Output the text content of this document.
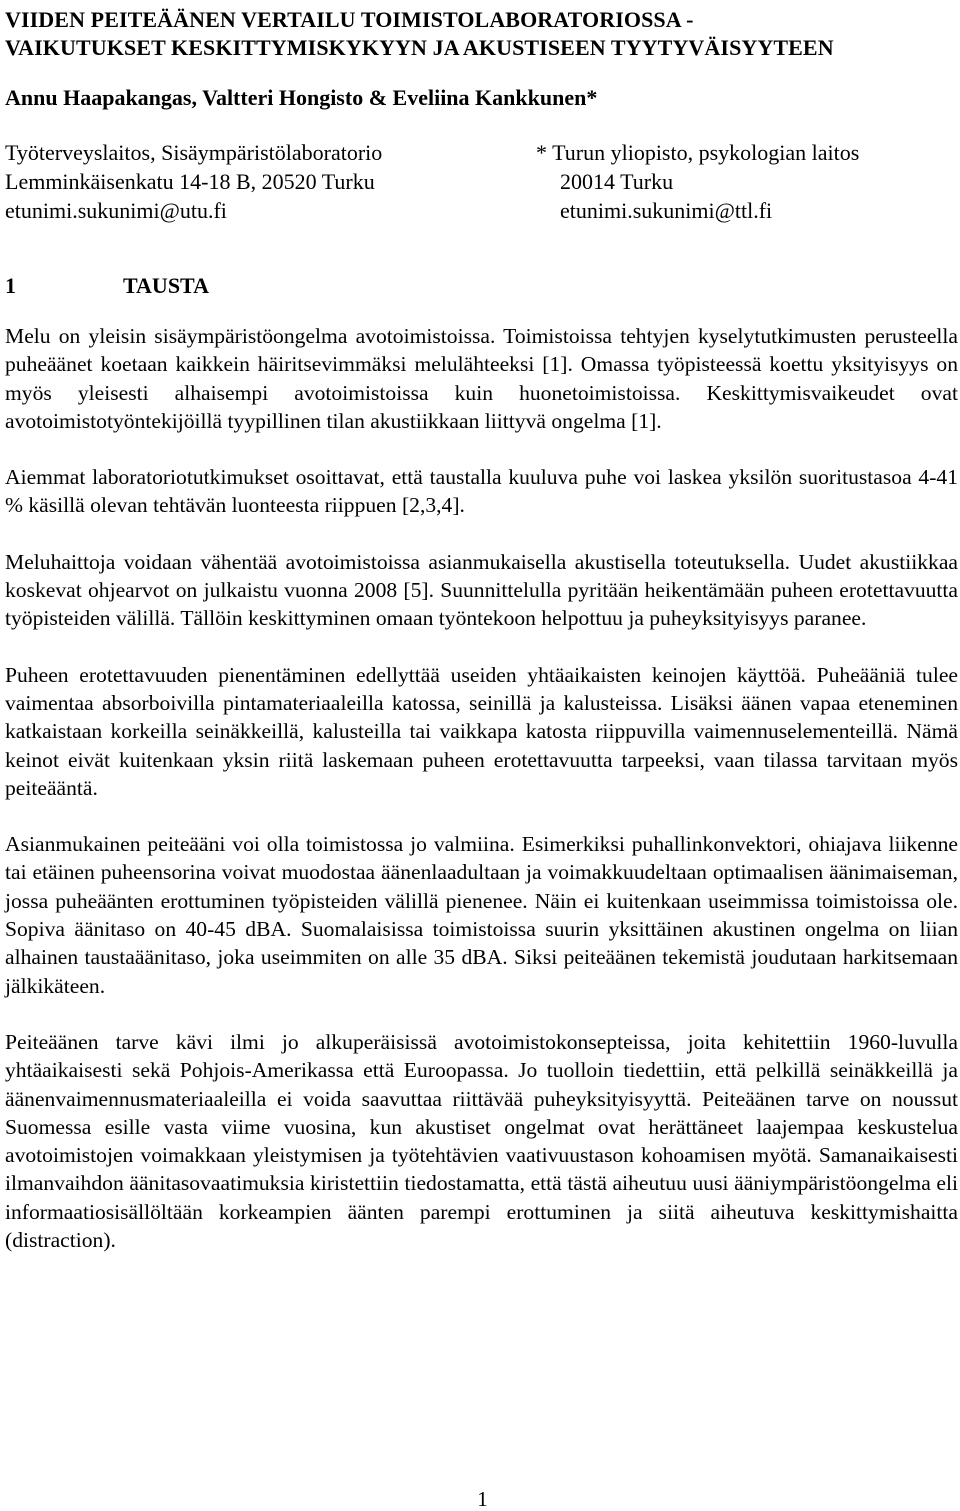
VIIDEN PEITEÄÄNEN VERTAILU TOIMISTOLABORATORIOSSA -
VAIKUTUKSET KESKITTYMISKYKYYN JA AKUSTISEEN TYYTYVÄISYYTEEN
Annu Haapakangas, Valtteri Hongisto & Eveliina Kankkunen*
Työterveyslaitos, Sisäympäristölaboratorio
Lemminkäisenkatu 14-18 B, 20520 Turku
etunimi.sukunimi@utu.fi
* Turun yliopisto, psykologian laitos
20014 Turku
etunimi.sukunimi@ttl.fi
1	TAUSTA

Melu on yleisin sisäympäristöongelma avotoimistoissa. Toimistoissa tehtyjen kyselytutkimusten perusteella puheäänet koetaan kaikkein häiritsevimmäksi melulähteeksi [1]. Omassa työpisteessä koettu yksityisyys on myös yleisesti alhaisempi avotoimistoissa kuin huonetoimistoissa. Keskittymisvaikeudet ovat avotoimistotyöntekijöillä tyypillinen tilan akustiikkaan liittyvä ongelma [1].

Aiemmat laboratoriotutkimukset osoittavat, että taustalla kuuluva puhe voi laskea yksilön suoritustasoa 4-41 % käsillä olevan tehtävän luonteesta riippuen [2,3,4].

Meluhaittoja voidaan vähentää avotoimistoissa asianmukaisella akustisella toteutuksella. Uudet akustiikkaa koskevat ohjearvot on julkaistu vuonna 2008 [5]. Suunnittelulla pyritään heikentämään puheen erotettavuutta työpisteiden välillä. Tällöin keskittyminen omaan työntekoon helpottuu ja puheyksityisyys paranee.

Puheen erotettavuuden pienentäminen edellyttää useiden yhtäaikaisten keinojen käyttöä. Puheääniä tulee vaimentaa absorboivilla pintamateriaaleilla katossa, seinillä ja kalusteissa. Lisäksi äänen vapaa eteneminen katkaistaan korkeilla seinäkkeillä, kalusteilla tai vaikkapa katosta riippuvilla vaimennuselementeillä. Nämä keinot eivät kuitenkaan yksin riitä laskemaan puheen erotettavuutta tarpeeksi, vaan tilassa tarvitaan myös peiteääntä.

Asianmukainen peiteääni voi olla toimistossa jo valmiina. Esimerkiksi puhallinkonvektori, ohiajava liikenne tai etäinen puheensorina voivat muodostaa äänenlaadultaan ja voimakkuudeltaan optimaalisen äänimaiseman, jossa puheäänten erottuminen työpisteiden välillä pienenee. Näin ei kuitenkaan useimmissa toimistoissa ole. Sopiva äänitaso on 40-45 dBA. Suomalaisissa toimistoissa suurin yksittäinen akustinen ongelma on liian alhainen taustaäänitaso, joka useimmiten on alle 35 dBA. Siksi peiteäänen tekemistä joudutaan harkitsemaan jälkikäteen.

Peiteäänen tarve kävi ilmi jo alkuperäisissä avotoimistokonsepteissa, joita kehitettiin 1960-luvulla yhtäaikaisesti sekä Pohjois-Amerikassa että Euroopassa. Jo tuolloin tiedettiin, että pelkillä seinäkkeillä ja äänenvaimennusmateriaaleilla ei voida saavuttaa riittävää puheyksityisyyttä. Peiteäänen tarve on noussut Suomessa esille vasta viime vuosina, kun akustiset ongelmat ovat herättäneet laajempaa keskustelua avotoimistojen voimakkaan yleistymisen ja työtehtävien vaativuustason kohoamisen myötä. Samanaikaisesti ilmanvaihdon äänitasovaatimuksia kiristettiin tiedostamatta, että tästä aiheutuu uusi ääniympäristöongelma eli informaatiosisällöltään korkeampien äänten parempi erottuminen ja siitä aiheutuva keskittymishaitta (distraction).

1
